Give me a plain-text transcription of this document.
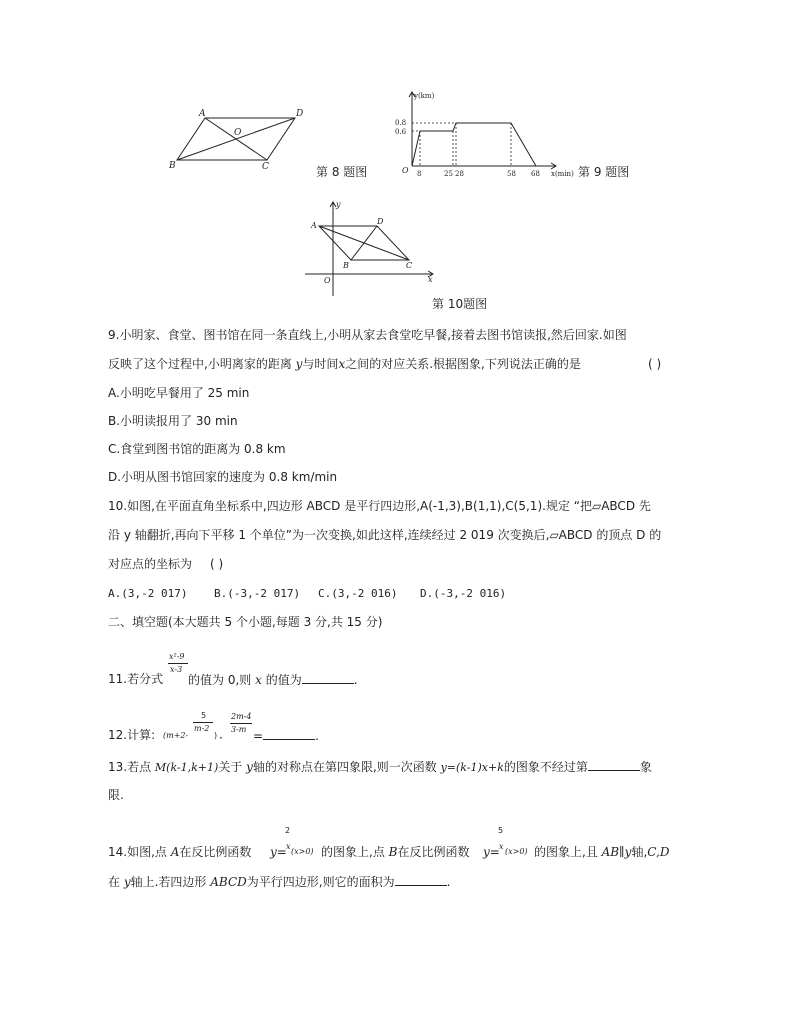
A	D
B	C
O
第 8 题图
y(km)
0.8
0.6
O 8	25 28	58 68 x(min) 第 9 题图
y
x
A	D
B	C
O
第 10题图
9.小明家、食堂、图书馆在同一条直线上,小明从家去食堂吃早餐,接着去图书馆读报,然后回家.如图
反映了这个过程中,小明离家的距离 y与时间x之间的对应关系.根据图象,下列说法正确的是	( )
A.小明吃早餐用了 25 min
B.小明读报用了 30 min
C.食堂到图书馆的距离为 0.8 km
D.小明从图书馆回家的速度为 0.8 km/min
10.如图,在平面直角坐标系中,四边形 ABCD 是平行四边形,A(-1,3),B(1,1),C(5,1).规定 “把▱ABCD 先
沿 y 轴翻折,再向下平移 1 个单位”为一次变换,如此这样,连续经过 2 019 次变换后,▱ABCD 的顶点 D 的
对应点的坐标为 ( )
A.(3,-2 017) B.(-3,-2 017) C.(3,-2 016) D.(-3,-2 016)
二、填空题(本大题共 5 个小题,每题 3 分,共 15 分)
11.若分式
x²-9
x-3
的值为 0,则 x 的值为	.
12.计算: (m+2-
5
m-2
) ·
2m-4
3-m =	.
13.若点 M(k-1,k+1)关于 y轴的对称点在第四象限,则一次函数 y=(k-1)x+k的图象不经过第	象
限.
14.如图,点 A在反比例函数
2
y= x
(x>0) 的图象上,点 B在反比例函数
5
y= x
(x>0) 的图象上,且 AB∥y轴,C,D
在 y轴上.若四边形 ABCD为平行四边形,则它的面积为	.
